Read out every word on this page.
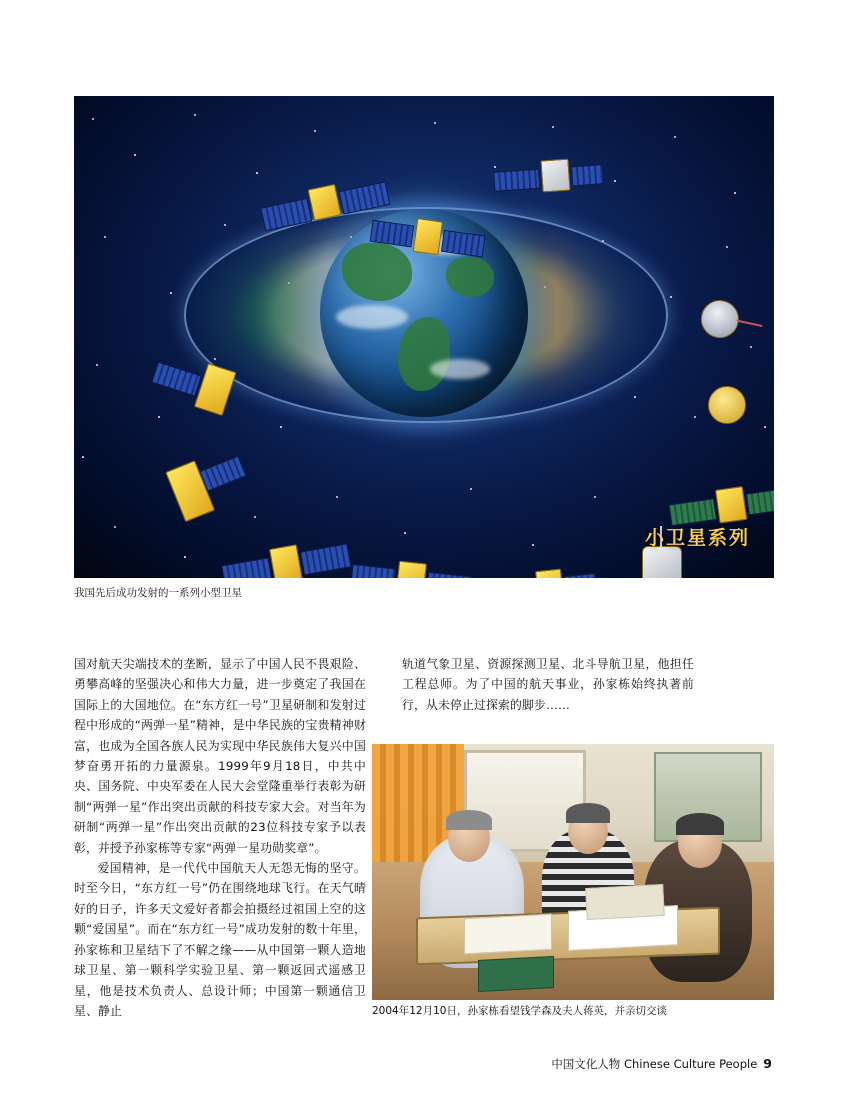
小卫星系列
我国先后成功发射的一系列小型卫星

国对航天尖端技术的垄断，显示了中国人民不畏艰险、勇攀高峰的坚强决心和伟大力量，进一步奠定了我国在国际上的大国地位。在“东方红一号”卫星研制和发射过程中形成的“两弹一星”精神，是中华民族的宝贵精神财富，也成为全国各族人民为实现中华民族伟大复兴中国梦奋勇开拓的力量源泉。1999年9月18日，中共中央、国务院、中央军委在人民大会堂隆重举行表彰为研制“两弹一星”作出突出贡献的科技专家大会。对当年为研制“两弹一星”作出突出贡献的23位科技专家予以表彰，并授予孙家栋等专家“两弹一星功勋奖章”。

爱国精神，是一代代中国航天人无怨无悔的坚守。时至今日，“东方红一号”仍在围绕地球飞行。在天气晴好的日子，许多天文爱好者都会拍摄经过祖国上空的这颗“爱国星”。而在“东方红一号”成功发射的数十年里，孙家栋和卫星结下了不解之缘——从中国第一颗人造地球卫星、第一颗科学实验卫星、第一颗返回式遥感卫星，他是技术负责人、总设计师；中国第一颗通信卫星、静止

轨道气象卫星、资源探测卫星、北斗导航卫星，他担任工程总师。为了中国的航天事业，孙家栋始终执著前行，从未停止过探索的脚步……

2004年12月10日，孙家栋看望钱学森及夫人蒋英，并亲切交谈
中国文化人物 Chinese Culture People 9
